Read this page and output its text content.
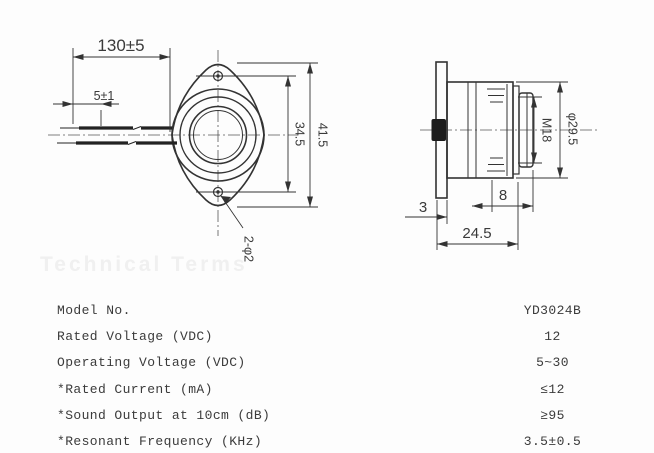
130±5
5±1
34.5 41.5
2-φ2
M18 φ29.5
8
3
24.5
Technical Terms
Model No.	YD3024B
Rated Voltage (VDC)	12
Operating Voltage (VDC)	5~30
*Rated Current (mA)	≤12
*Sound Output at 10cm (dB)	≥95
*Resonant Frequency (KHz)	3.5±0.5
